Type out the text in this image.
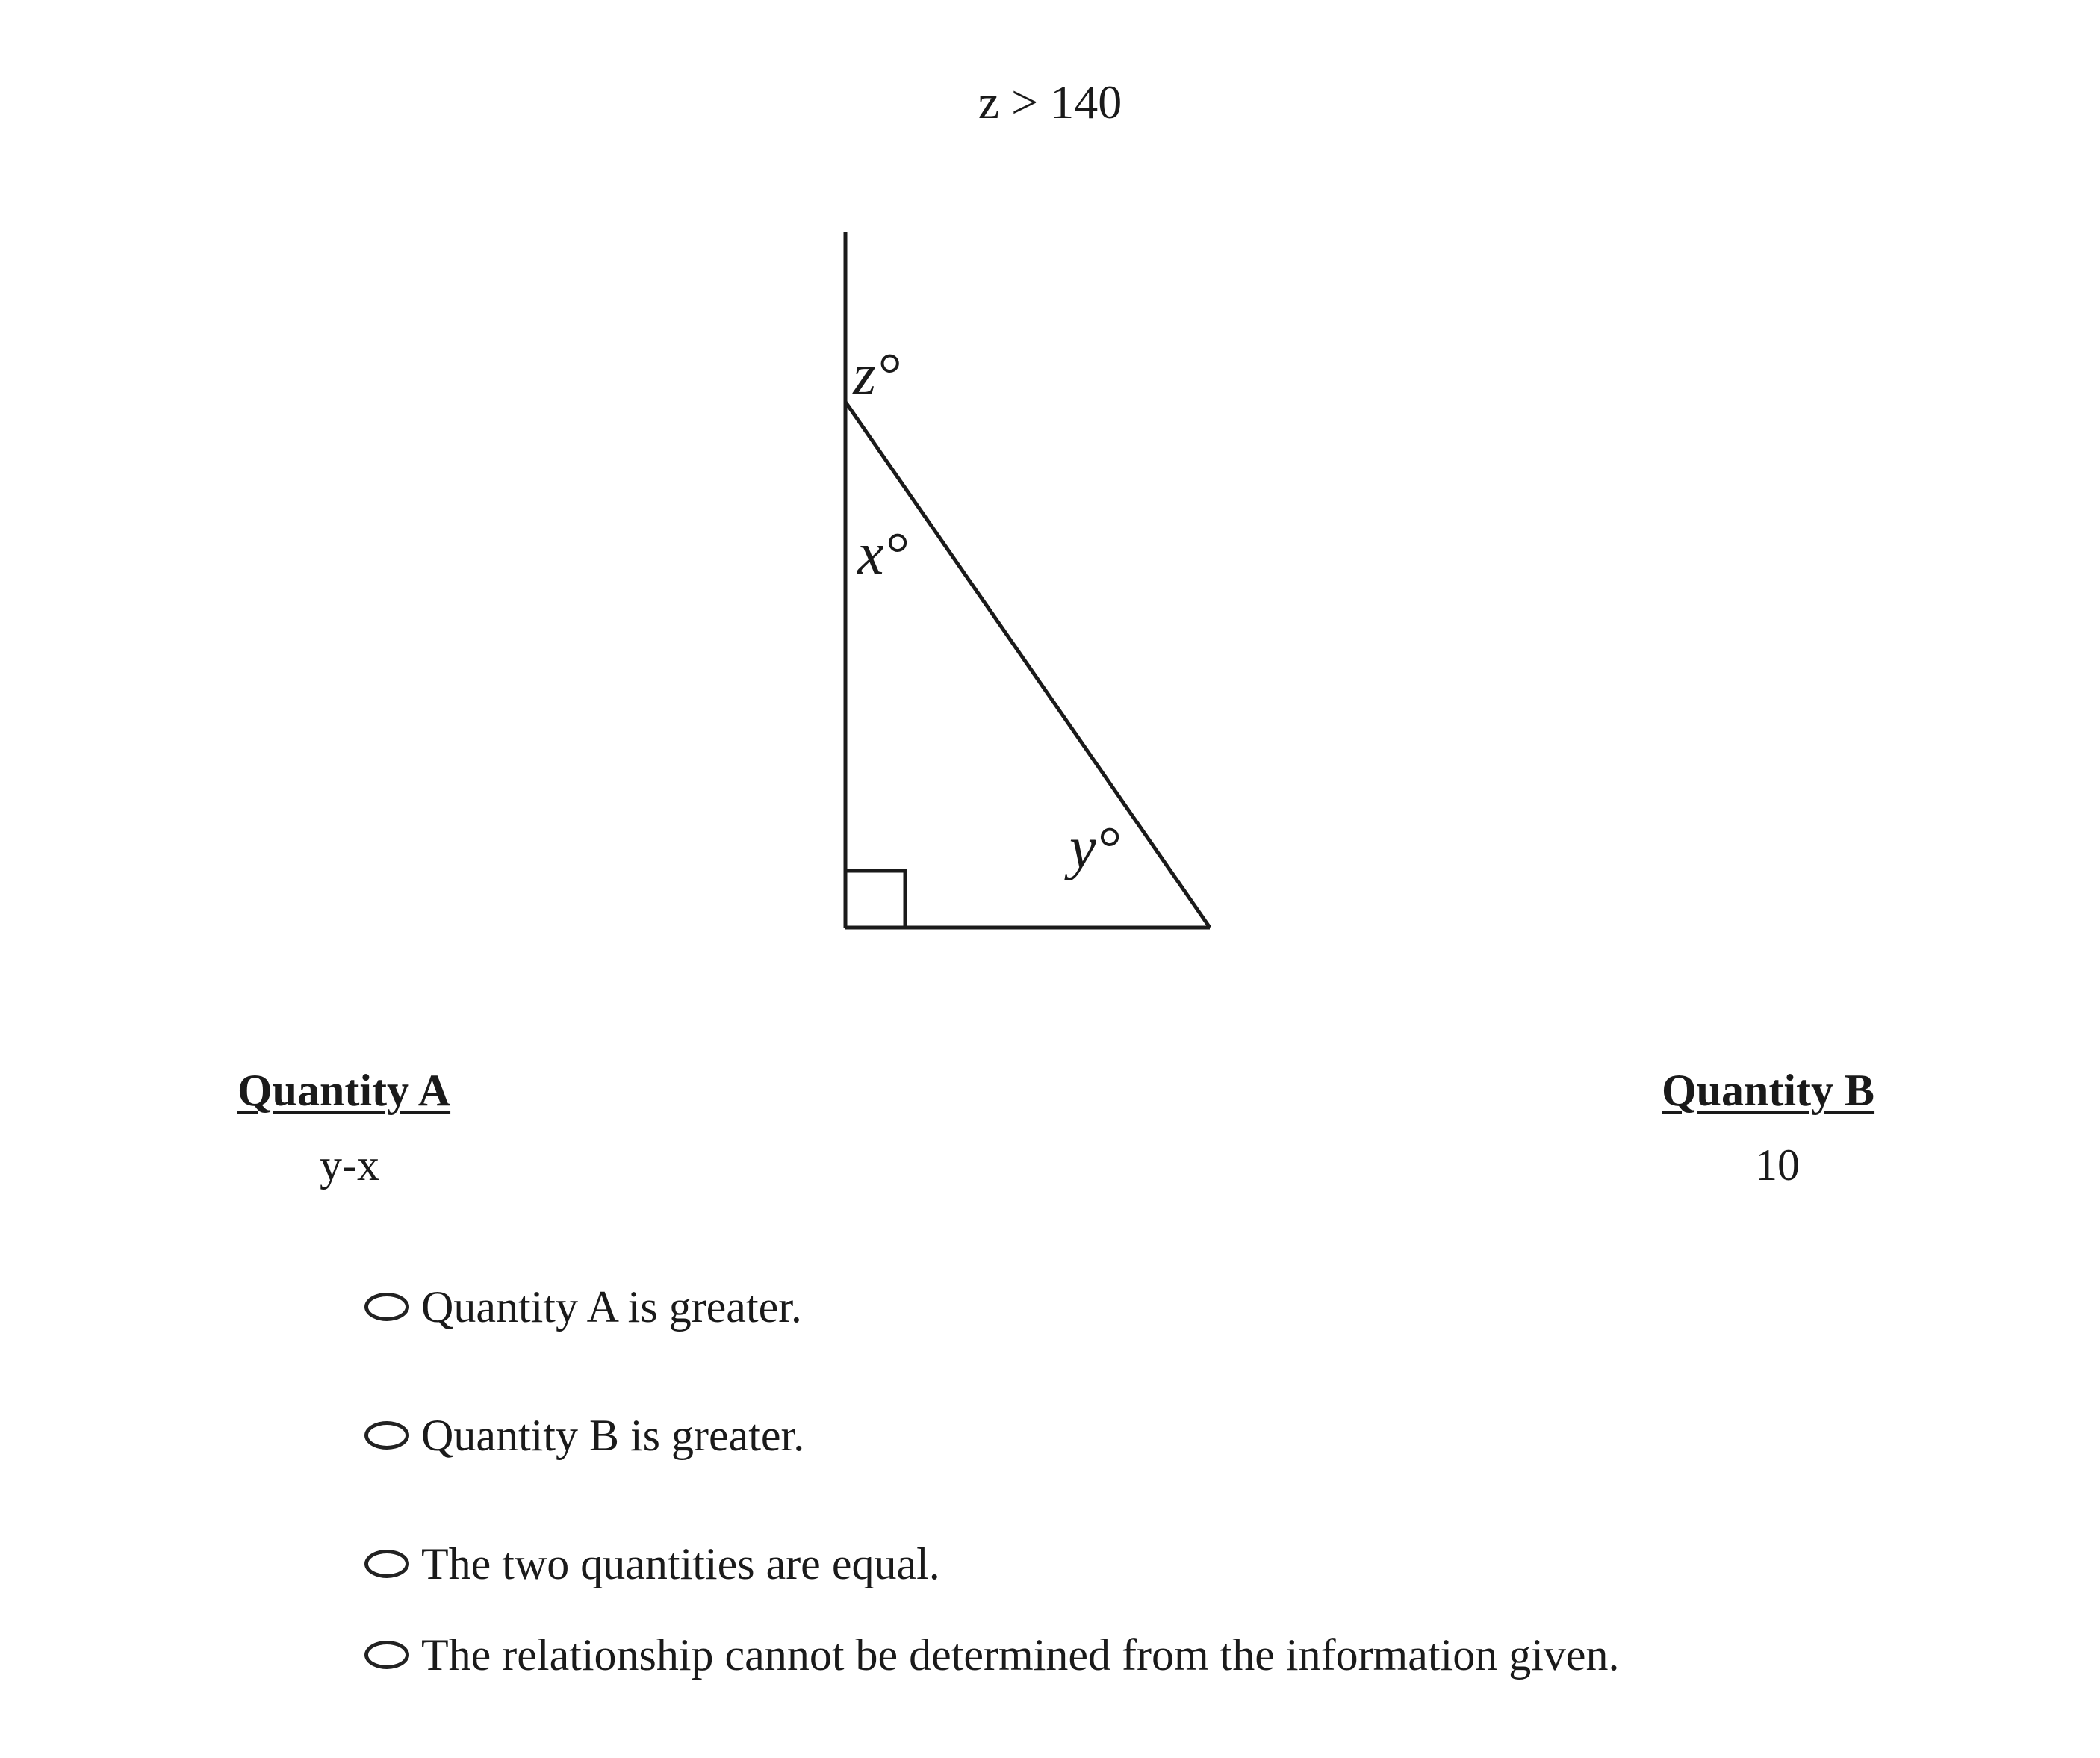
z > 140
z°
x°
y°
Quantity A	Quantity B
y-x	10
Quantity A is greater.
Quantity B is greater.
The two quantities are equal.
The relationship cannot be determined from the information given.
